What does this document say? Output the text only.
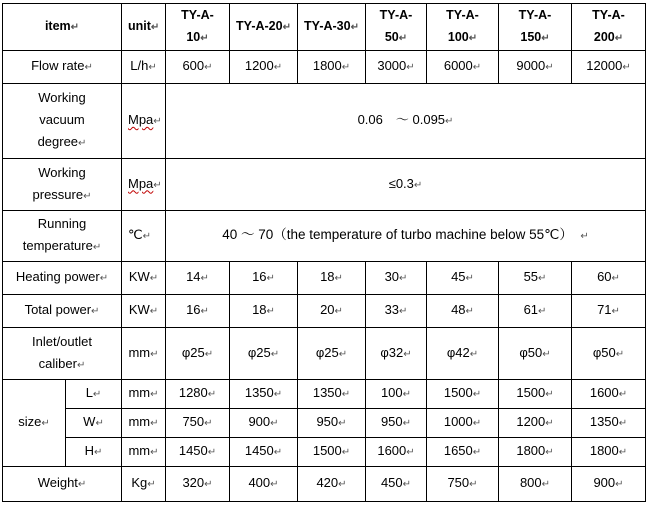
item↵		unit↵	TY-A-10↵	TY-A-20↵	TY-A-30↵	TY-A-50↵	TY-A-100↵	TY-A-150↵	TY-A-200↵
Flow rate↵		L/h↵	600↵	1200↵	1800↵	3000↵	6000↵	9000↵	12000↵
Working
vacuum
degree↵		Mpa↵	0.06　～ 0.095↵						
Working
pressure↵		Mpa↵	≤0.3↵						
Running
temperature↵		℃↵	40 ～ 70（the temperature of turbo machine below 55℃） ↵						
Heating power↵		KW↵	14↵	16↵	18↵	30↵	45↵	55↵	60↵
Total power↵		KW↵	16↵	18↵	20↵	33↵	48↵	61↵	71↵
Inlet/outlet
caliber↵		mm↵	φ25↵	φ25↵	φ25↵	φ32↵	φ42↵	φ50↵	φ50↵
size↵	L↵	mm↵	1280↵	1350↵	1350↵	100↵	1500↵	1500↵	1600↵
	W↵	mm↵	750↵	900↵	950↵	950↵	1000↵	1200↵	1350↵
	H↵	mm↵	1450↵	1450↵	1500↵	1600↵	1650↵	1800↵	1800↵
Weight↵		Kg↵	320↵	400↵	420↵	450↵	750↵	800↵	900↵
